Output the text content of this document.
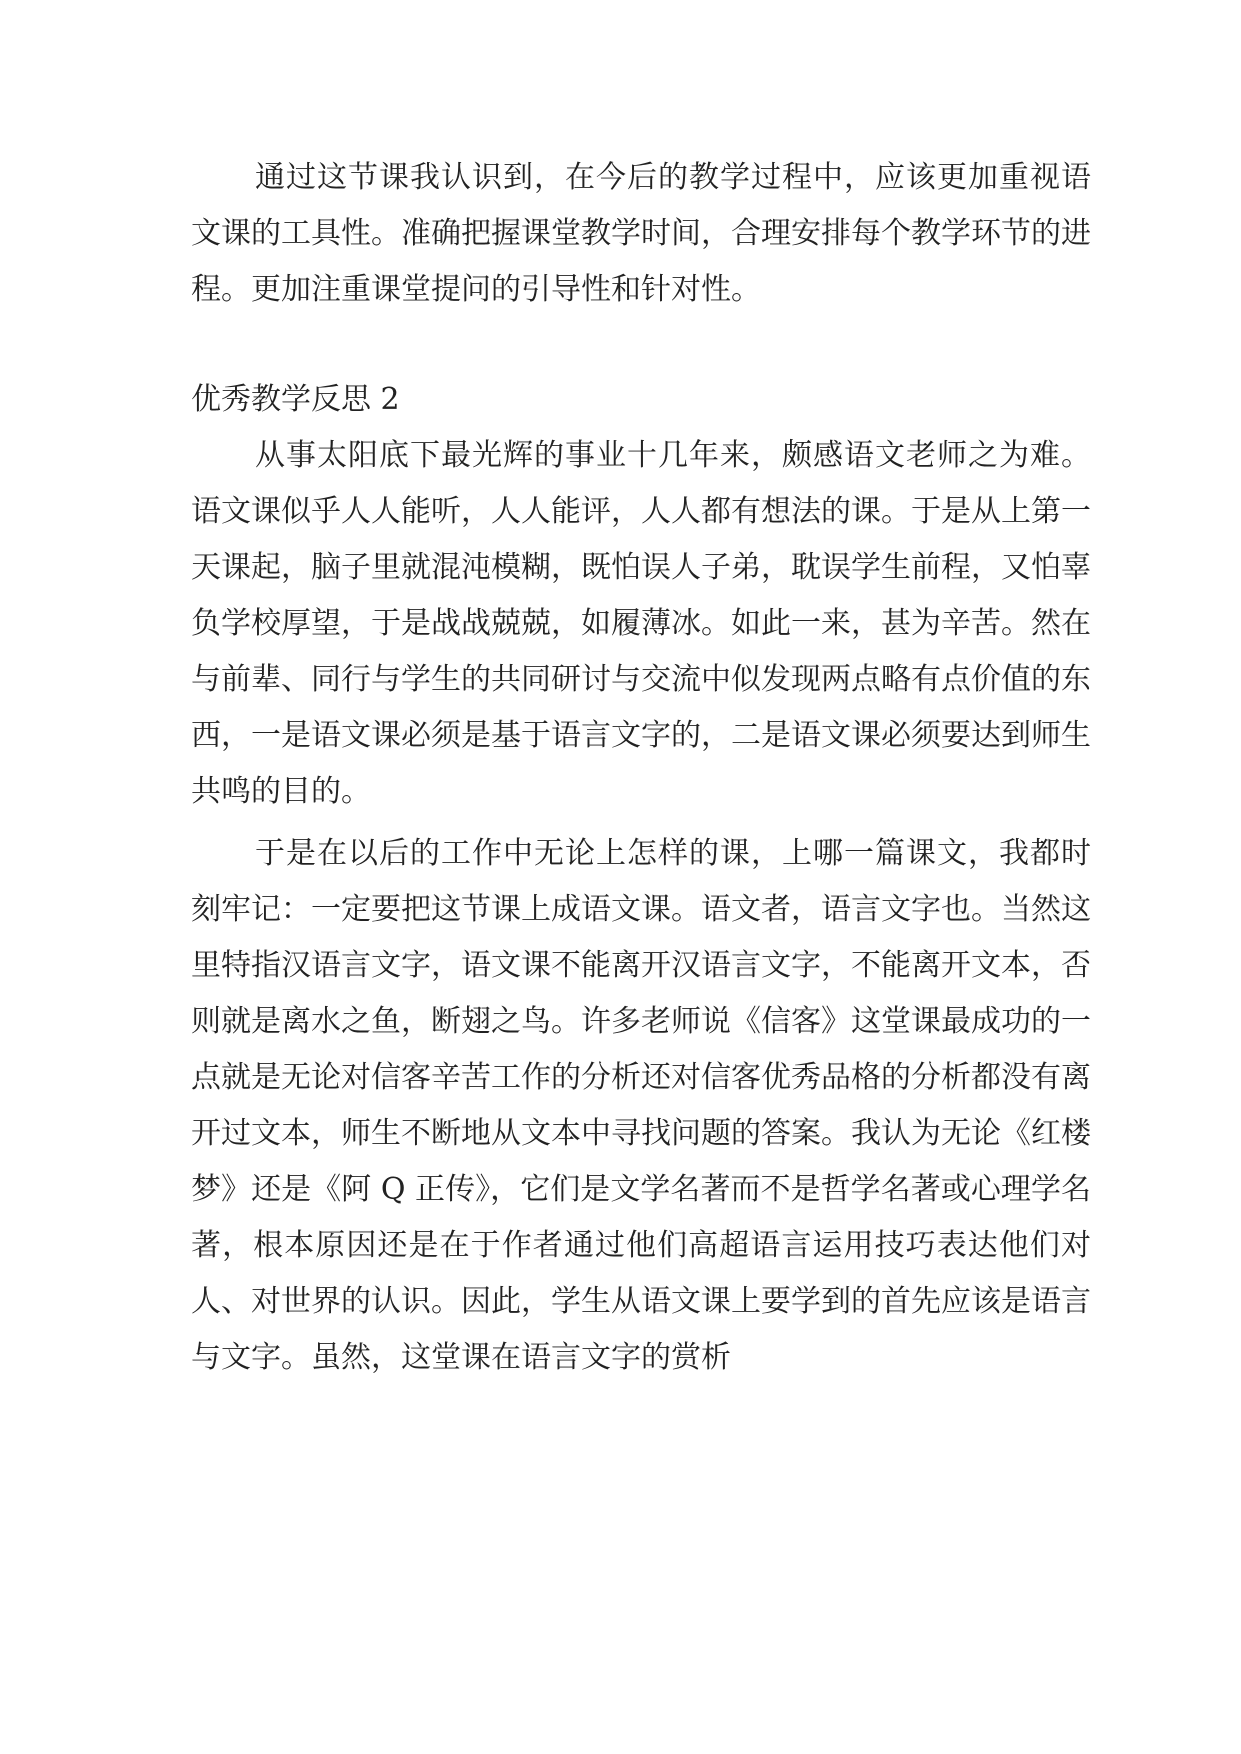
通过这节课我认识到，在今后的教学过程中，应该更加重视语文课的工具性。准确把握课堂教学时间，合理安排每个教学环节的进程。更加注重课堂提问的引导性和针对性。

优秀教学反思 2

从事太阳底下最光辉的事业十几年来，颇感语文老师之为难。语文课似乎人人能听，人人能评，人人都有想法的课。于是从上第一天课起，脑子里就混沌模糊，既怕误人子弟，耽误学生前程，又怕辜负学校厚望，于是战战兢兢，如履薄冰。如此一来，甚为辛苦。然在与前辈、同行与学生的共同研讨与交流中似发现两点略有点价值的东西，一是语文课必须是基于语言文字的，二是语文课必须要达到师生共鸣的目的。

于是在以后的工作中无论上怎样的课，上哪一篇课文，我都时刻牢记：一定要把这节课上成语文课。语文者，语言文字也。当然这里特指汉语言文字，语文课不能离开汉语言文字，不能离开文本，否则就是离水之鱼，断翅之鸟。许多老师说《信客》这堂课最成功的一点就是无论对信客辛苦工作的分析还对信客优秀品格的分析都没有离开过文本，师生不断地从文本中寻找问题的答案。我认为无论《红楼梦》还是《阿 Q 正传》，它们是文学名著而不是哲学名著或心理学名著，根本原因还是在于作者通过他们高超语言运用技巧表达他们对人、对世界的认识。因此，学生从语文课上要学到的首先应该是语言与文字。虽然，这堂课在语言文字的赏析
